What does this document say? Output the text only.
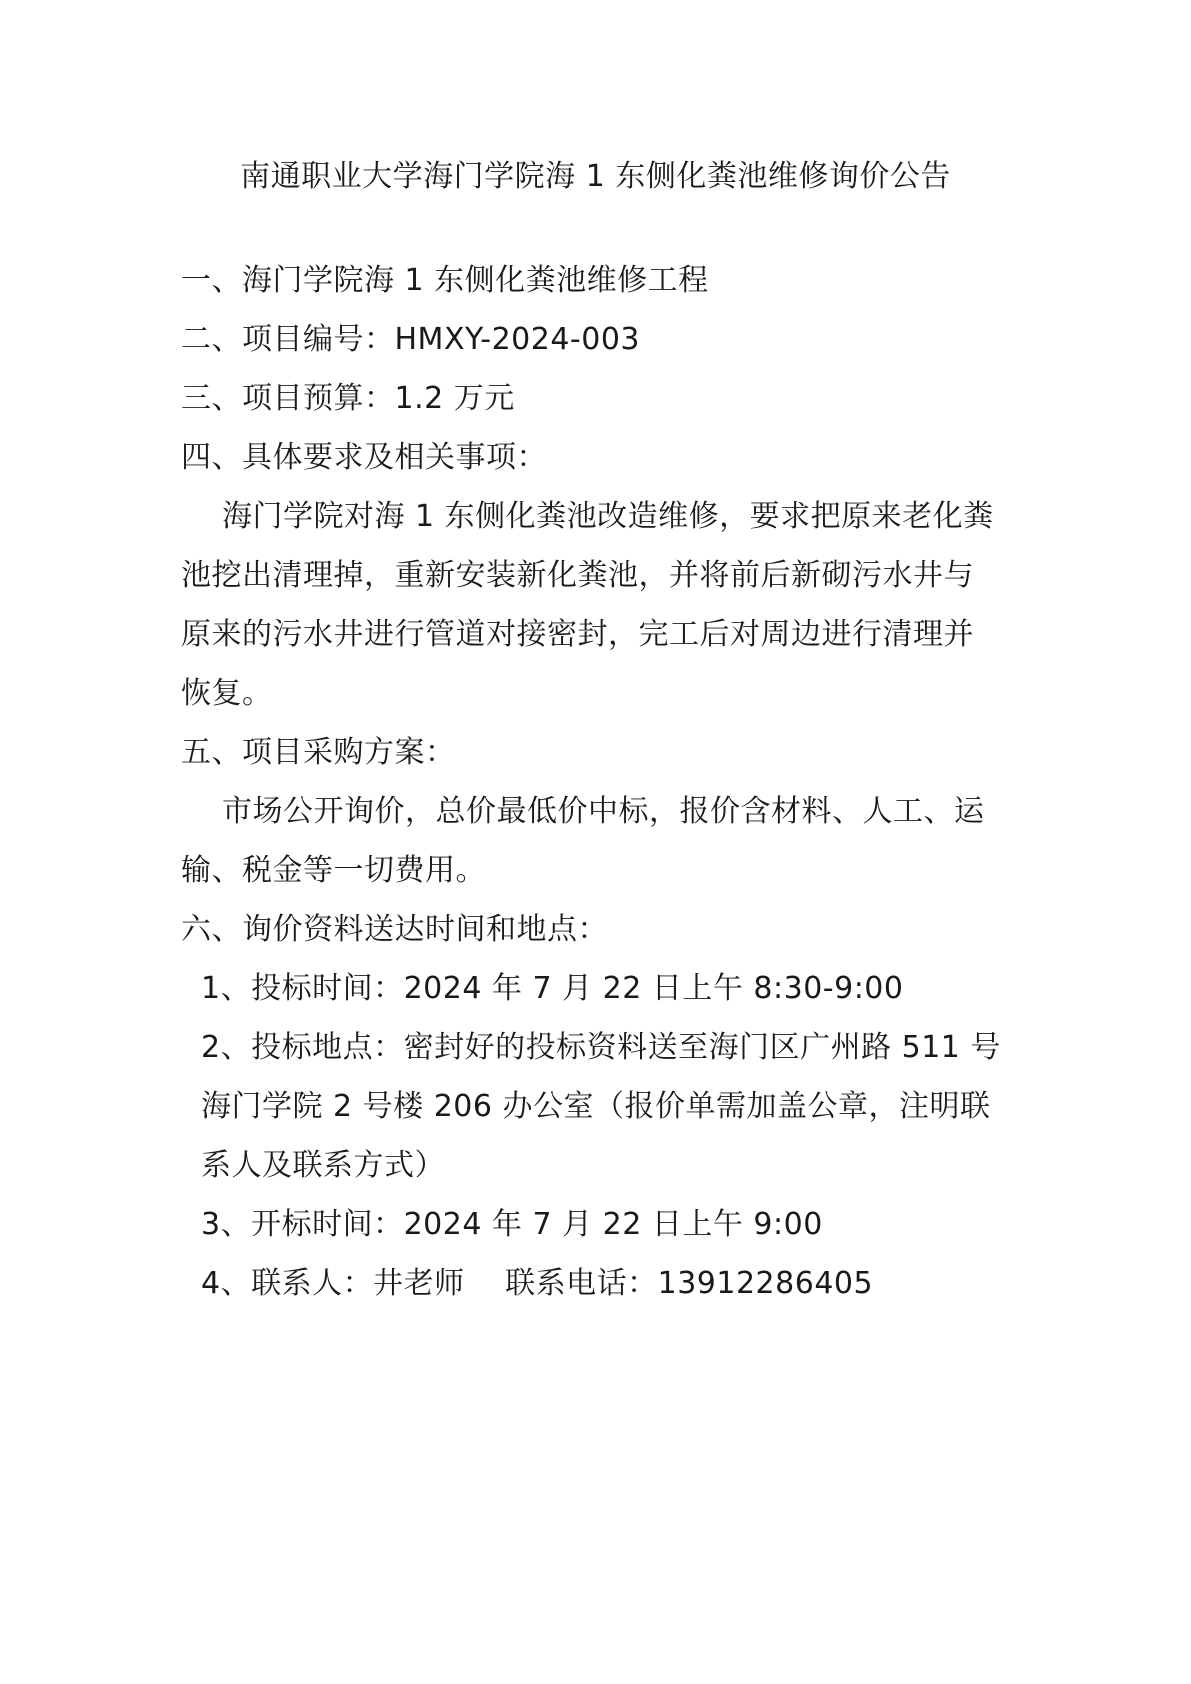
南通职业大学海门学院海 1 东侧化粪池维修询价公告
一、海门学院海 1 东侧化粪池维修工程
二、项目编号：HMXY-2024-003
三、项目预算：1.2 万元
四、具体要求及相关事项：
海门学院对海 1 东侧化粪池改造维修，要求把原来老化粪
池挖出清理掉，重新安装新化粪池，并将前后新砌污水井与
原来的污水井进行管道对接密封，完工后对周边进行清理并
恢复。
五、项目采购方案：
市场公开询价，总价最低价中标，报价含材料、人工、运
输、税金等一切费用。
六、询价资料送达时间和地点：
1、投标时间：2024 年 7 月 22 日上午 8:30-9:00
2、投标地点：密封好的投标资料送至海门区广州路 511 号
海门学院 2 号楼 206 办公室（报价单需加盖公章，注明联
系人及联系方式）
3、开标时间：2024 年 7 月 22 日上午 9:00
4、联系人：井老师　 联系电话：13912286405
